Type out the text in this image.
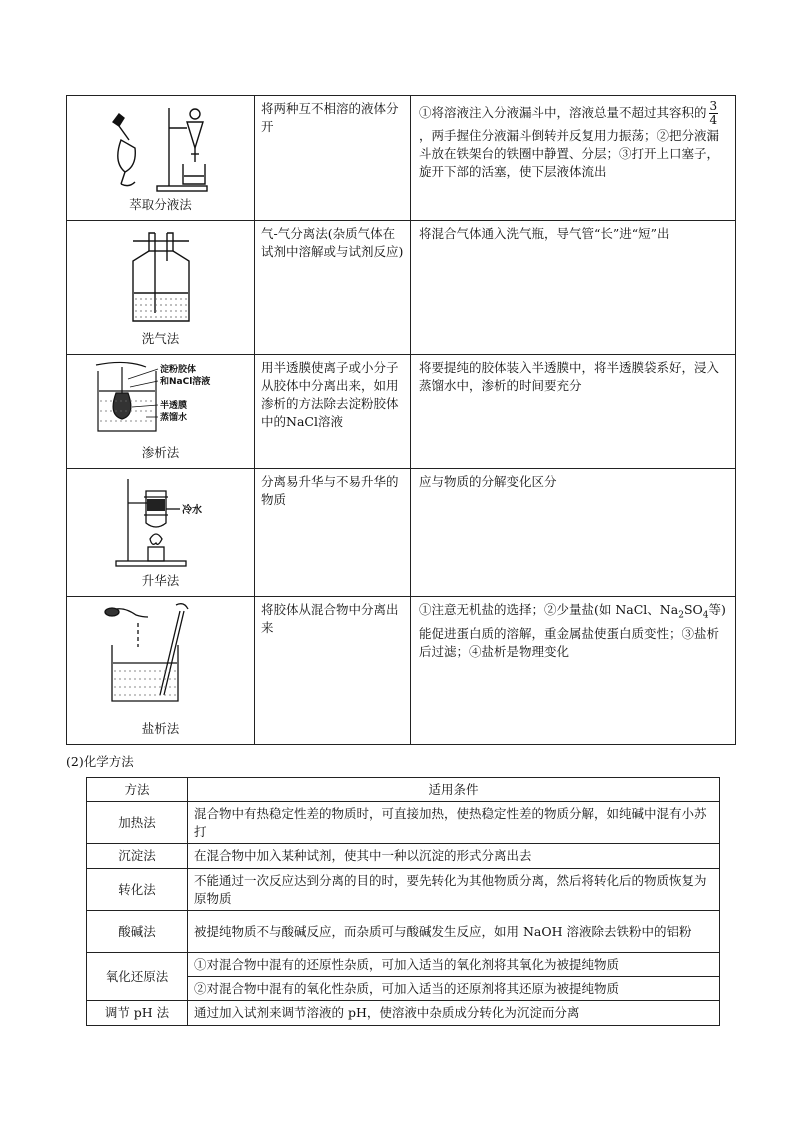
萃取分液法	将两种互不相溶的液体分开	①将溶液注入分液漏斗中，溶液总量不超过其容积的 $\frac{3}{4}$
，两手握住分液漏斗倒转并反复用力振荡；②把分液漏斗放在铁架台的铁圈中静置、分层；③打开上口塞子，旋开下部的活塞，使下层液体流出

洗气法	气-气分离法(杂质气体在试剂中溶解或与试剂反应)	将混合气体通入洗气瓶，导气管“长”进“短”出

淀粉胶体
和NaCl溶液
半透膜
蒸馏水
渗析法	用半透膜使离子或小分子从胶体中分离出来，如用渗析的方法除去淀粉胶体中的NaCl溶液	将要提纯的胶体装入半透膜中，将半透膜袋系好，浸入蒸馏水中，渗析的时间要充分

冷水
升华法	分离易升华与不易升华的物质	应与物质的分解变化区分

盐析法	将胶体从混合物中分离出来	①注意无机盐的选择；②少量盐(如 NaCl、$Na_2SO_4$等)能促进蛋白质的溶解，重金属盐使蛋白质变性；③盐析后过滤；④盐析是物理变化
(2)化学方法
方法	适用条件
加热法	混合物中有热稳定性差的物质时，可直接加热，使热稳定性差的物质分解，如纯碱中混有小苏打
沉淀法	在混合物中加入某种试剂，使其中一种以沉淀的形式分离出去
转化法	不能通过一次反应达到分离的目的时，要先转化为其他物质分离，然后将转化后的物质恢复为原物质
酸碱法	被提纯物质不与酸碱反应，而杂质可与酸碱发生反应，如用 NaOH 溶液除去铁粉中的铝粉
氧化还原法	①对混合物中混有的还原性杂质，可加入适当的氧化剂将其氧化为被提纯物质
	②对混合物中混有的氧化性杂质，可加入适当的还原剂将其还原为被提纯物质
调节 pH 法	通过加入试剂来调节溶液的 pH，使溶液中杂质成分转化为沉淀而分离
